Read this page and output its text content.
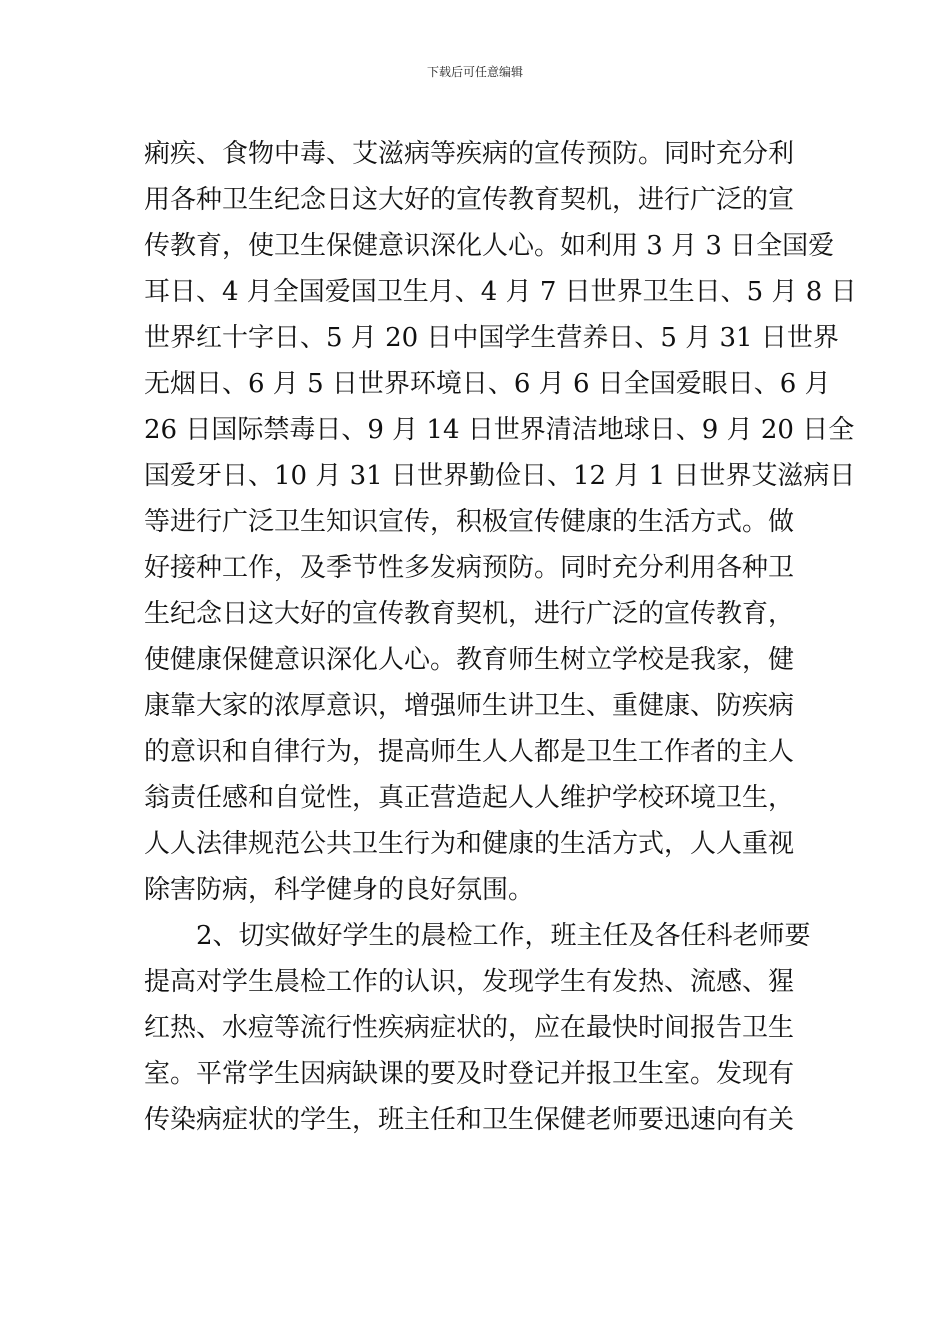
下载后可任意编辑
痢疾、食物中毒、艾滋病等疾病的宣传预防。同时充分利
用各种卫生纪念日这大好的宣传教育契机，进行广泛的宣
传教育，使卫生保健意识深化人心。如利用 3 月 3 日全国爱
耳日、4 月全国爱国卫生月、4 月 7 日世界卫生日、5 月 8 日
世界红十字日、5 月 20 日中国学生营养日、5 月 31 日世界
无烟日、6 月 5 日世界环境日、6 月 6 日全国爱眼日、6 月
26 日国际禁毒日、9 月 14 日世界清洁地球日、9 月 20 日全
国爱牙日、10 月 31 日世界勤俭日、12 月 1 日世界艾滋病日
等进行广泛卫生知识宣传，积极宣传健康的生活方式。做
好接种工作，及季节性多发病预防。同时充分利用各种卫
生纪念日这大好的宣传教育契机，进行广泛的宣传教育，
使健康保健意识深化人心。教育师生树立学校是我家，健
康靠大家的浓厚意识，增强师生讲卫生、重健康、防疾病
的意识和自律行为，提高师生人人都是卫生工作者的主人
翁责任感和自觉性，真正营造起人人维护学校环境卫生，
人人法律规范公共卫生行为和健康的生活方式，人人重视
除害防病，科学健身的良好氛围。
　　2、切实做好学生的晨检工作，班主任及各任科老师要
提高对学生晨检工作的认识，发现学生有发热、流感、猩
红热、水痘等流行性疾病症状的，应在最快时间报告卫生
室。平常学生因病缺课的要及时登记并报卫生室。发现有
传染病症状的学生，班主任和卫生保健老师要迅速向有关
